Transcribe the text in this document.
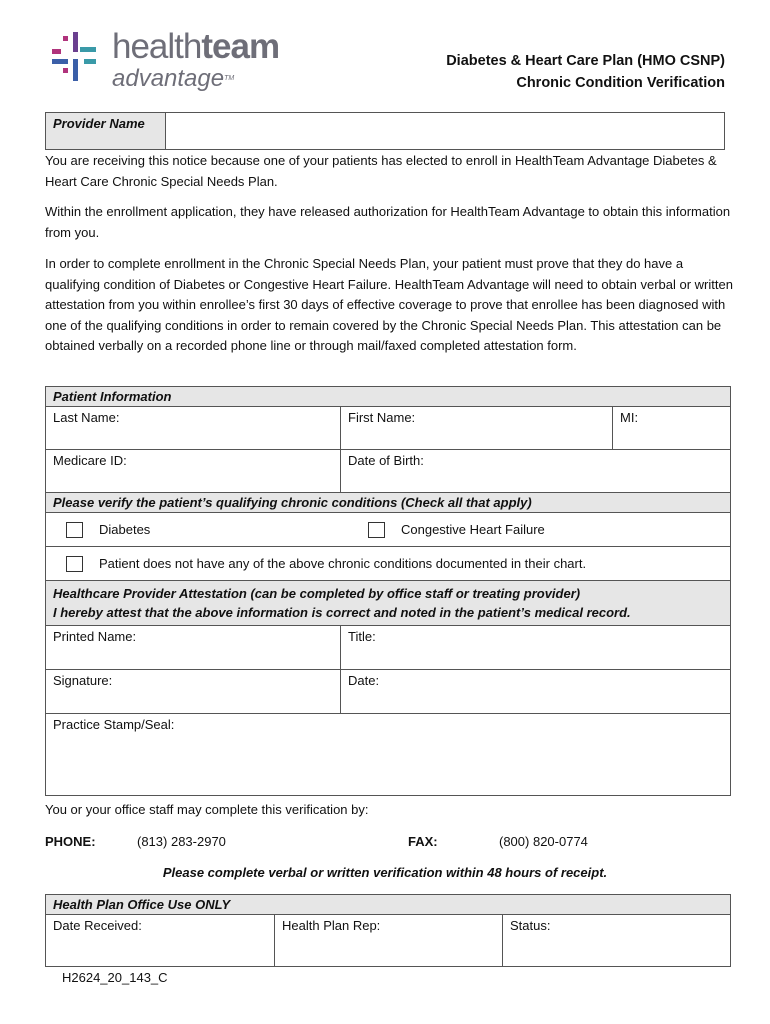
healthteam
advantage™
Diabetes & Heart Care Plan (HMO CSNP)
Chronic Condition Verification
Provider Name

You are receiving this notice because one of your patients has elected to enroll in HealthTeam Advantage Diabetes & Heart Care Chronic Special Needs Plan.

Within the enrollment application, they have released authorization for HealthTeam Advantage to obtain this information from you.

In order to complete enrollment in the Chronic Special Needs Plan, your patient must prove that they do have a qualifying condition of Diabetes or Congestive Heart Failure. HealthTeam Advantage will need to obtain verbal or written attestation from you within enrollee’s first 30 days of effective coverage to prove that enrollee has been diagnosed with one of the qualifying conditions in order to remain covered by the Chronic Special Needs Plan. This attestation can be obtained verbally on a recorded phone line or through mail/faxed completed attestation form.

Patient Information
Last Name:	First Name:	MI:
Medicare ID:	Date of Birth:
Please verify the patient’s qualifying chronic conditions (Check all that apply)
Diabetes	Congestive Heart Failure
Patient does not have any of the above chronic conditions documented in their chart.
Healthcare Provider Attestation (can be completed by office staff or treating provider)
I hereby attest that the above information is correct and noted in the patient’s medical record.
Printed Name:	Title:
Signature:	Date:
Practice Stamp/Seal:
You or your office staff may complete this verification by:
PHONE:	(813) 283-2970	FAX:	(800) 820-0774
Please complete verbal or written verification within 48 hours of receipt.
Health Plan Office Use ONLY
Date Received:	Health Plan Rep:	Status:
H2624_20_143_C
